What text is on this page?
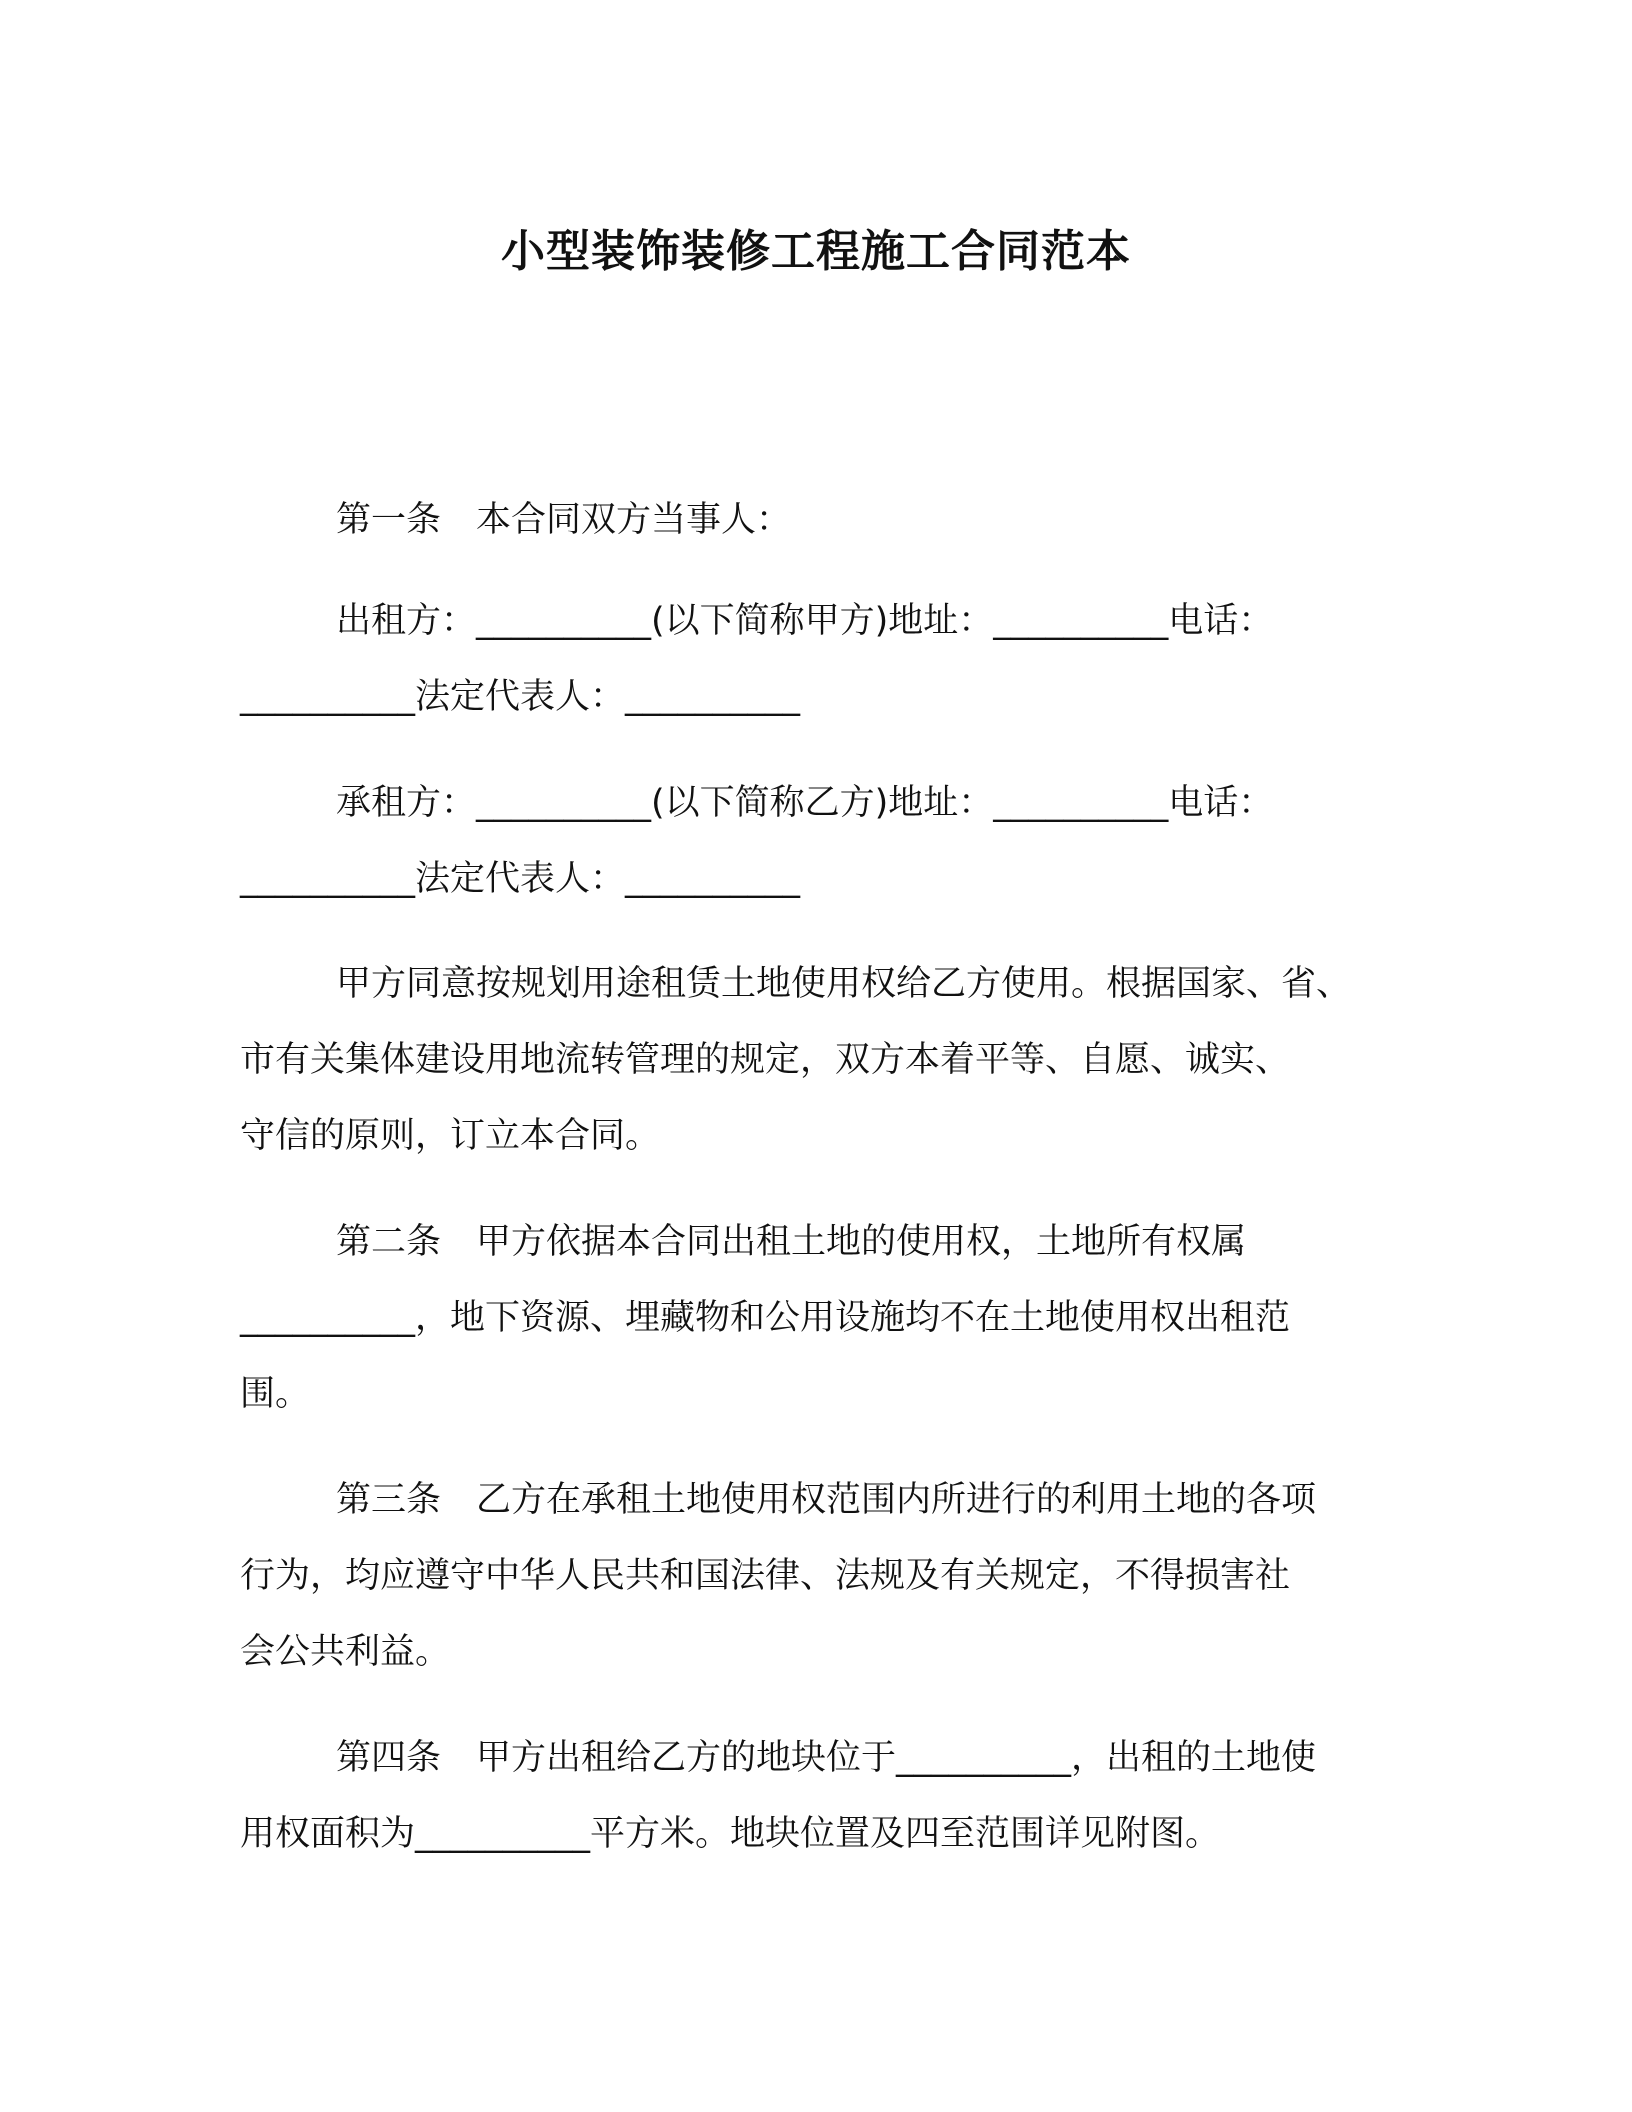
小型装饰装修工程施工合同范本
第一条　本合同双方当事人：
出租方：__________(以下简称甲方)地址：__________电话：
__________法定代表人：__________
承租方：__________(以下简称乙方)地址：__________电话：
__________法定代表人：__________
甲方同意按规划用途租赁土地使用权给乙方使用。根据国家、省、
市有关集体建设用地流转管理的规定，双方本着平等、自愿、诚实、
守信的原则，订立本合同。
第二条　甲方依据本合同出租土地的使用权，土地所有权属
__________，地下资源、埋藏物和公用设施均不在土地使用权出租范
围。
第三条　乙方在承租土地使用权范围内所进行的利用土地的各项
行为，均应遵守中华人民共和国法律、法规及有关规定，不得损害社
会公共利益。
第四条　甲方出租给乙方的地块位于__________，出租的土地使
用权面积为__________平方米。地块位置及四至范围详见附图。
